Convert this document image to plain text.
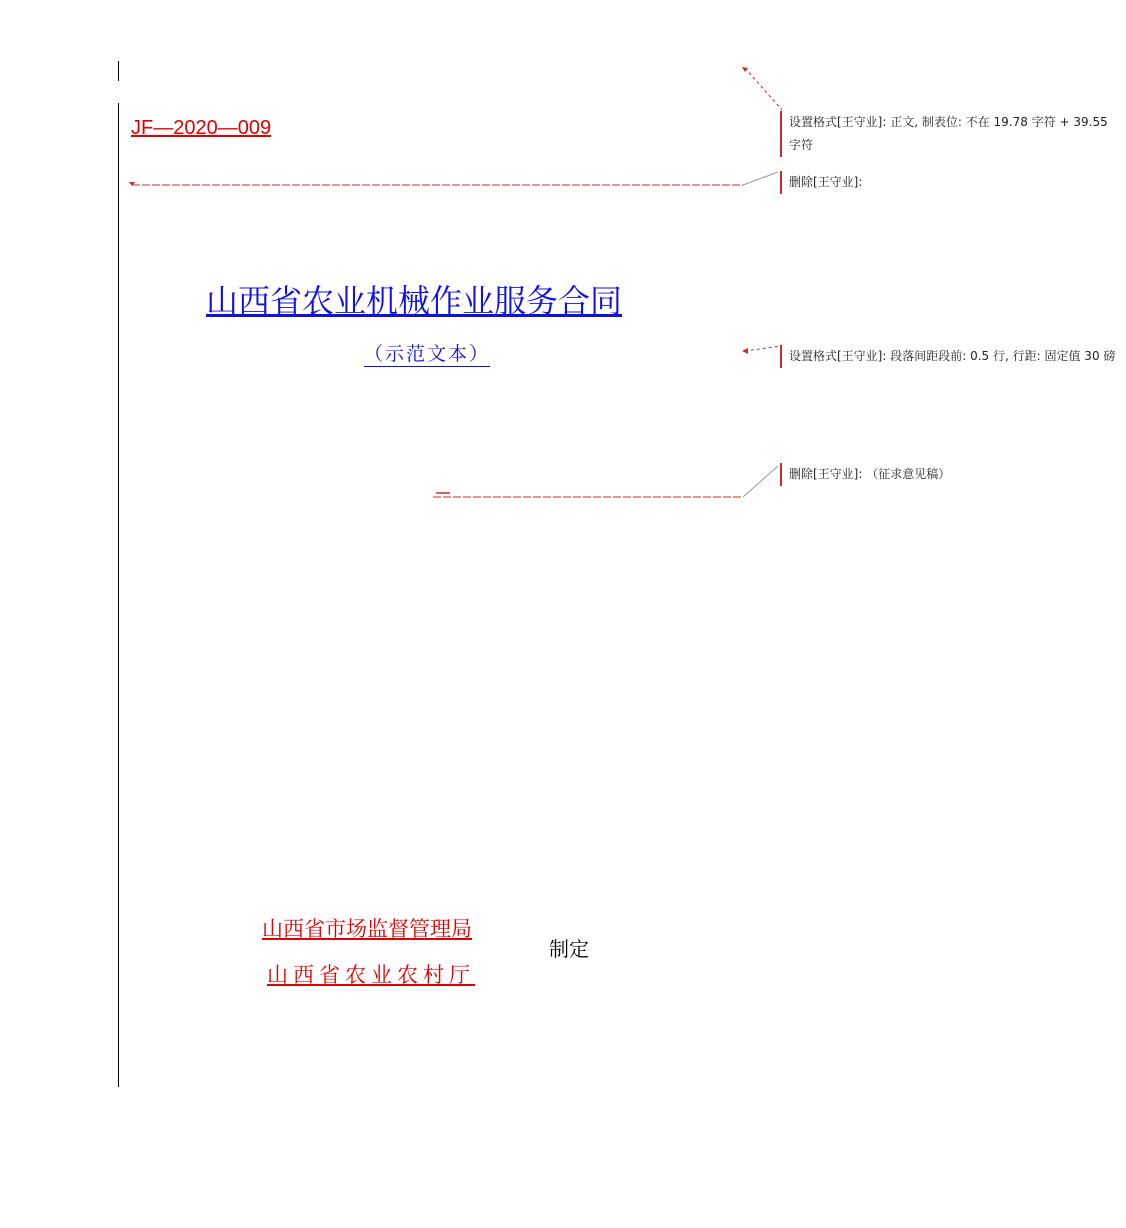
JF—2020—009
山西省农业机械作业服务合同
（示范文本）
山西省市场监督管理局
山西省农业农村厅
制定
设置格式[王守业]: 正文, 制表位: 不在 19.78 字符 + 39.55 字符
删除[王守业]:
设置格式[王守业]: 段落间距段前: 0.5 行, 行距: 固定值 30 磅
删除[王守业]: （征求意见稿）
